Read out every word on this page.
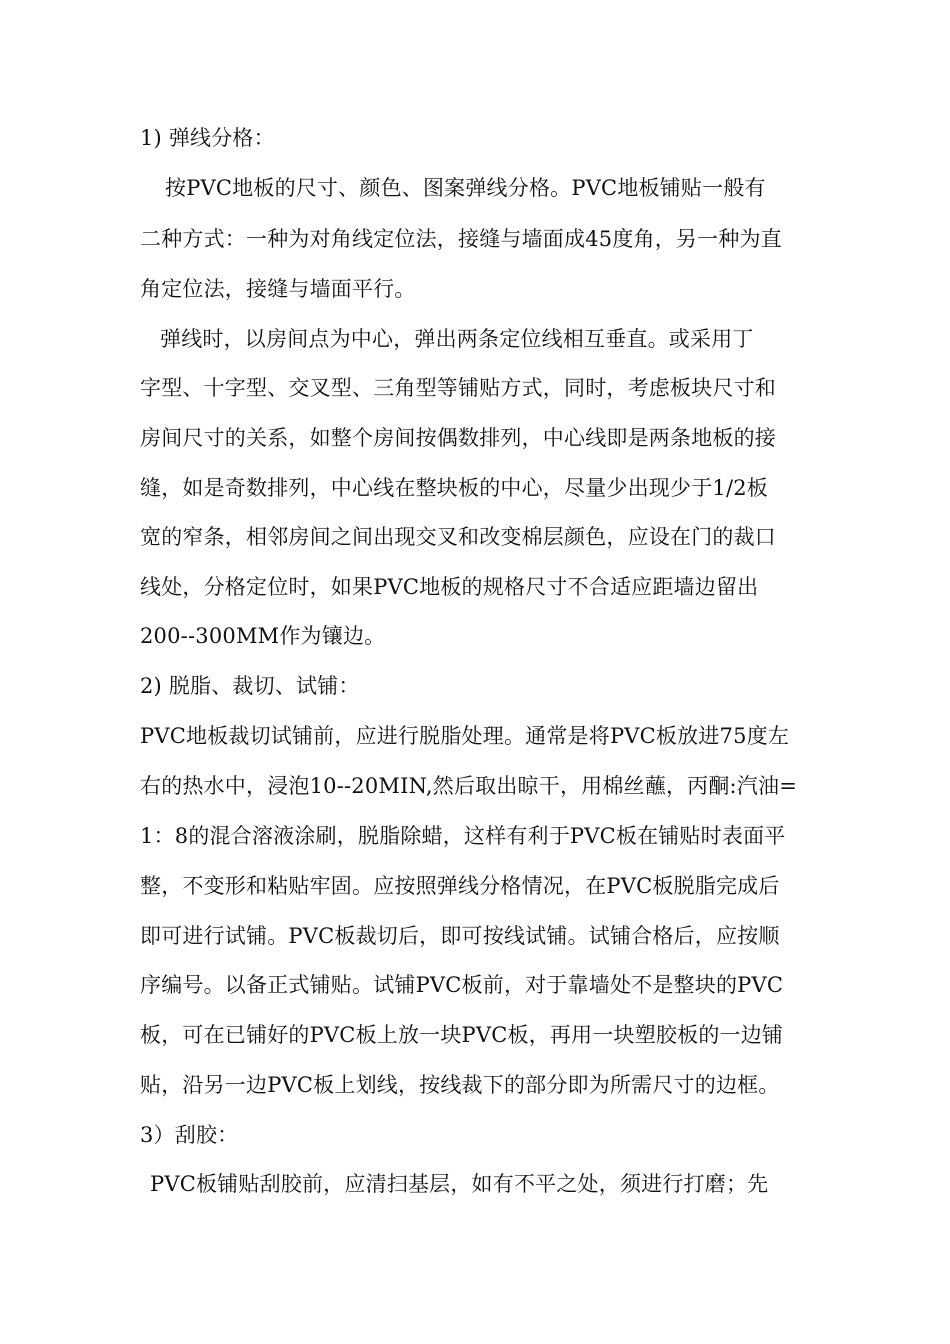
1) 弹线分格：
按PVC地板的尺寸、颜色、图案弹线分格。PVC地板铺贴一般有
二种方式：一种为对角线定位法，接缝与墙面成45度角，另一种为直
角定位法，接缝与墙面平行。
弹线时，以房间点为中心，弹出两条定位线相互垂直。或采用丁
字型、十字型、交叉型、三角型等铺贴方式，同时，考虑板块尺寸和
房间尺寸的关系，如整个房间按偶数排列，中心线即是两条地板的接
缝，如是奇数排列，中心线在整块板的中心，尽量少出现少于1/2板
宽的窄条，相邻房间之间出现交叉和改变棉层颜色，应设在门的裁口
线处，分格定位时，如果PVC地板的规格尺寸不合适应距墙边留出
200--300MM作为镶边。
2) 脱脂、裁切、试铺：
PVC地板裁切试铺前，应进行脱脂处理。通常是将PVC板放进75度左
右的热水中，浸泡10--20MIN,然后取出晾干，用棉丝蘸，丙酮:汽油=
1：8的混合溶液涂刷，脱脂除蜡，这样有利于PVC板在铺贴时表面平
整，不变形和粘贴牢固。应按照弹线分格情况，在PVC板脱脂完成后
即可进行试铺。PVC板裁切后，即可按线试铺。试铺合格后，应按顺
序编号。以备正式铺贴。试铺PVC板前，对于靠墙处不是整块的PVC
板，可在已铺好的PVC板上放一块PVC板，再用一块塑胶板的一边铺
贴，沿另一边PVC板上划线，按线裁下的部分即为所需尺寸的边框。
3）刮胶：
PVC板铺贴刮胶前，应清扫基层，如有不平之处，须进行打磨；先
